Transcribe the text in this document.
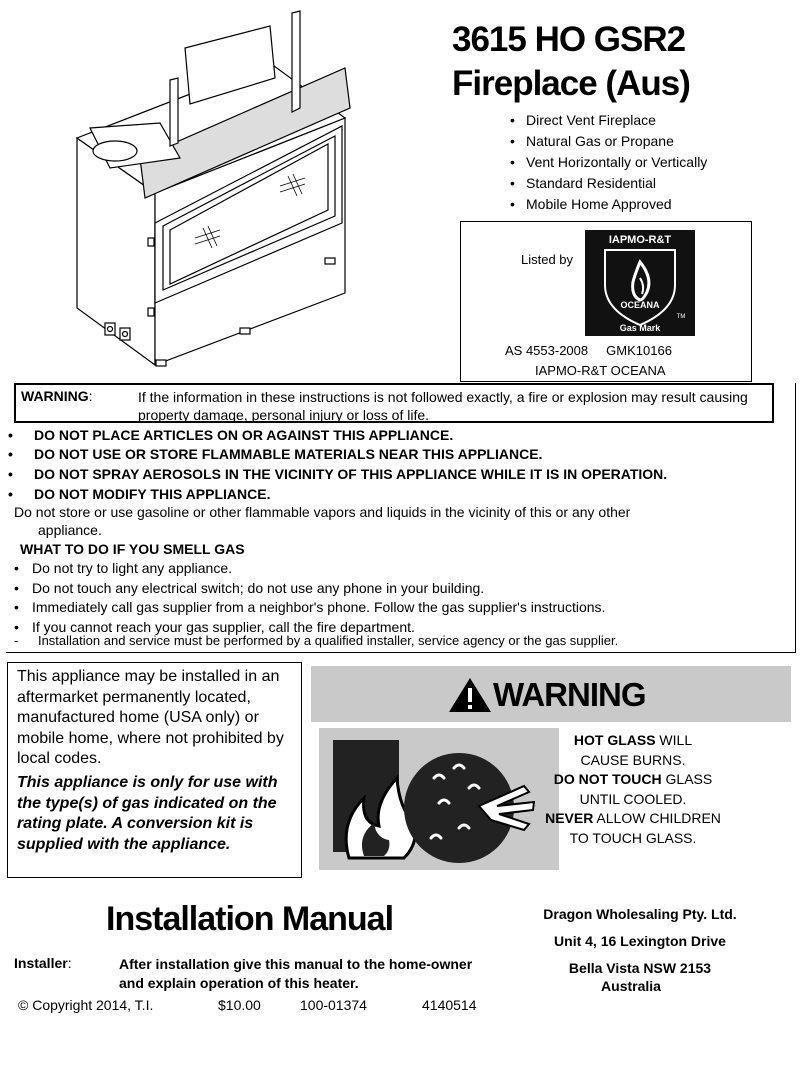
3615 HO GSR2
Fireplace (Aus)
• Direct Vent Fireplace
• Natural Gas or Propane
• Vent Horizontally or Vertically
• Standard Residential
• Mobile Home Approved
Listed by
IAPMO-R&T
OCEANA
TM
Gas Mark
AS 4553-2008     GMK10166
IAPMO-R&T OCEANA
WARNING:	If the information in these instructions is not followed exactly, a fire or explosion may result causing property damage, personal injury or loss of life.
• DO NOT PLACE ARTICLES ON OR AGAINST THIS APPLIANCE.
• DO NOT USE OR STORE FLAMMABLE MATERIALS NEAR THIS APPLIANCE.
• DO NOT SPRAY AEROSOLS IN THE VICINITY OF THIS APPLIANCE WHILE IT IS IN OPERATION.
• DO NOT MODIFY THIS APPLIANCE.
Do not store or use gasoline or other flammable vapors and liquids in the vicinity of this or any other
appliance.
WHAT TO DO IF YOU SMELL GAS
• Do not try to light any appliance.
• Do not touch any electrical switch; do not use any phone in your building.
• Immediately call gas supplier from a neighbor's phone. Follow the gas supplier's instructions.
• If you cannot reach your gas supplier, call the fire department.
- Installation and service must be performed by a qualified installer, service agency or the gas supplier.
This appliance may be installed in an aftermarket permanently located, manufactured home (USA only) or mobile home, where not prohibited by local codes.
This appliance is only for use with the type(s) of gas indicated on the rating plate. A conversion kit is supplied with the appliance.
WARNING
HOT GLASS WILL
CAUSE BURNS.
DO NOT TOUCH GLASS
UNTIL COOLED.
NEVER ALLOW CHILDREN
TO TOUCH GLASS.
Installation Manual
Installer:	After installation give this manual to the home-owner and explain operation of this heater.
© Copyright 2014, T.I.	$10.00	100-01374	4140514
Dragon Wholesaling Pty. Ltd.
Unit 4, 16 Lexington Drive
Bella Vista NSW 2153
Australia
